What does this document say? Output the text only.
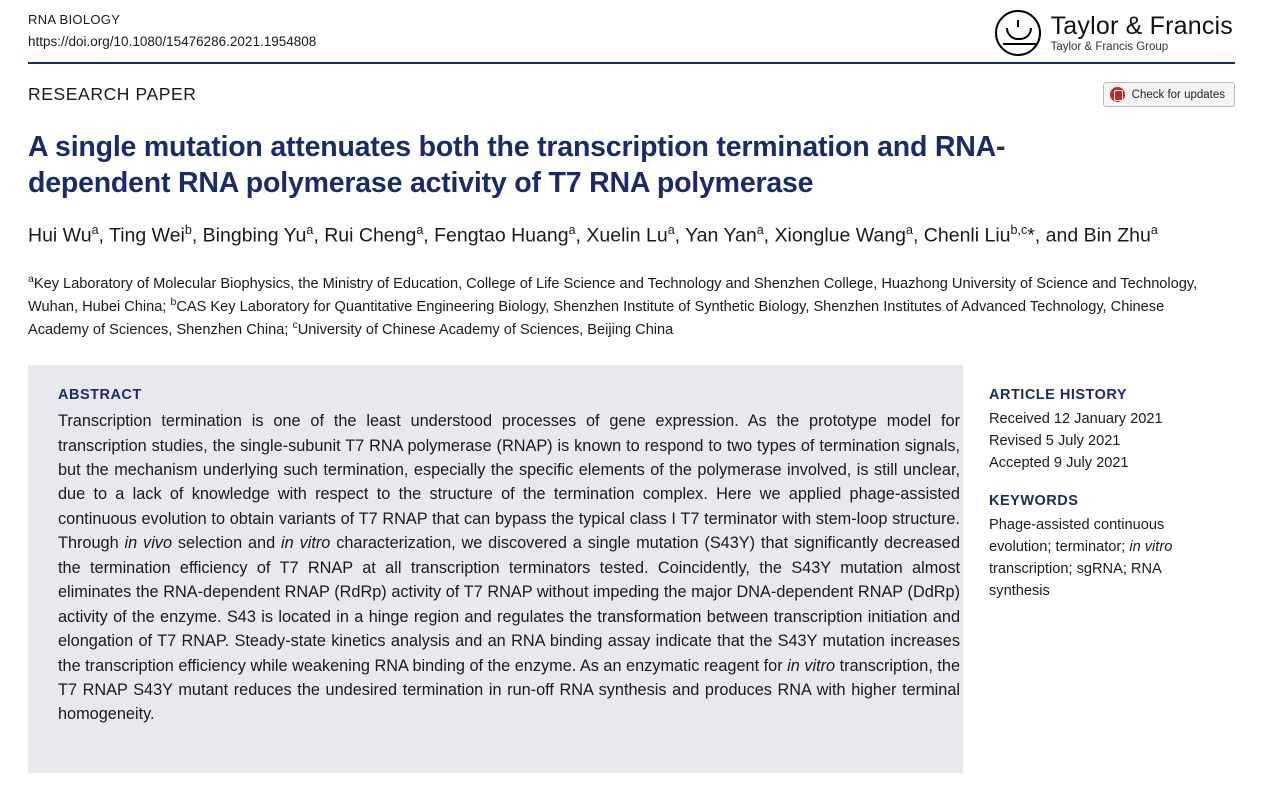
RNA BIOLOGY
https://doi.org/10.1080/15476286.2021.1954808
Taylor & Francis
Taylor & Francis Group
RESEARCH PAPER	Check for updates
A single mutation attenuates both the transcription termination and RNA-dependent RNA polymerase activity of T7 RNA polymerase
Hui Wu$^a$, Ting Wei$^b$, Bingbing Yu$^a$, Rui Cheng$^a$, Fengtao Huang$^a$, Xuelin Lu$^a$, Yan Yan$^a$, Xionglue Wang$^a$, Chenli Liu$^{b,c}$*, and Bin Zhu$^a$
$^a$Key Laboratory of Molecular Biophysics, the Ministry of Education, College of Life Science and Technology and Shenzhen College, Huazhong University of Science and Technology, Wuhan, Hubei China; $^b$CAS Key Laboratory for Quantitative Engineering Biology, Shenzhen Institute of Synthetic Biology, Shenzhen Institutes of Advanced Technology, Chinese Academy of Sciences, Shenzhen China; $^c$University of Chinese Academy of Sciences, Beijing China
ABSTRACT
Transcription termination is one of the least understood processes of gene expression. As the prototype model for transcription studies, the single-subunit T7 RNA polymerase (RNAP) is known to respond to two types of termination signals, but the mechanism underlying such termination, especially the specific elements of the polymerase involved, is still unclear, due to a lack of knowledge with respect to the structure of the termination complex. Here we applied phage-assisted continuous evolution to obtain variants of T7 RNAP that can bypass the typical class I T7 terminator with stem-loop structure. Through in vivo selection and in vitro characterization, we discovered a single mutation (S43Y) that significantly decreased the termination efficiency of T7 RNAP at all transcription terminators tested. Coincidently, the S43Y mutation almost eliminates the RNA-dependent RNAP (RdRp) activity of T7 RNAP without impeding the major DNA-dependent RNAP (DdRp) activity of the enzyme. S43 is located in a hinge region and regulates the transformation between transcription initiation and elongation of T7 RNAP. Steady-state kinetics analysis and an RNA binding assay indicate that the S43Y mutation increases the transcription efficiency while weakening RNA binding of the enzyme. As an enzymatic reagent for in vitro transcription, the T7 RNAP S43Y mutant reduces the undesired termination in run-off RNA synthesis and produces RNA with higher terminal homogeneity.
ARTICLE HISTORY
Received 12 January 2021
Revised 5 July 2021
Accepted 9 July 2021
KEYWORDS
Phage-assisted continuous evolution; terminator; in vitro transcription; sgRNA; RNA synthesis
